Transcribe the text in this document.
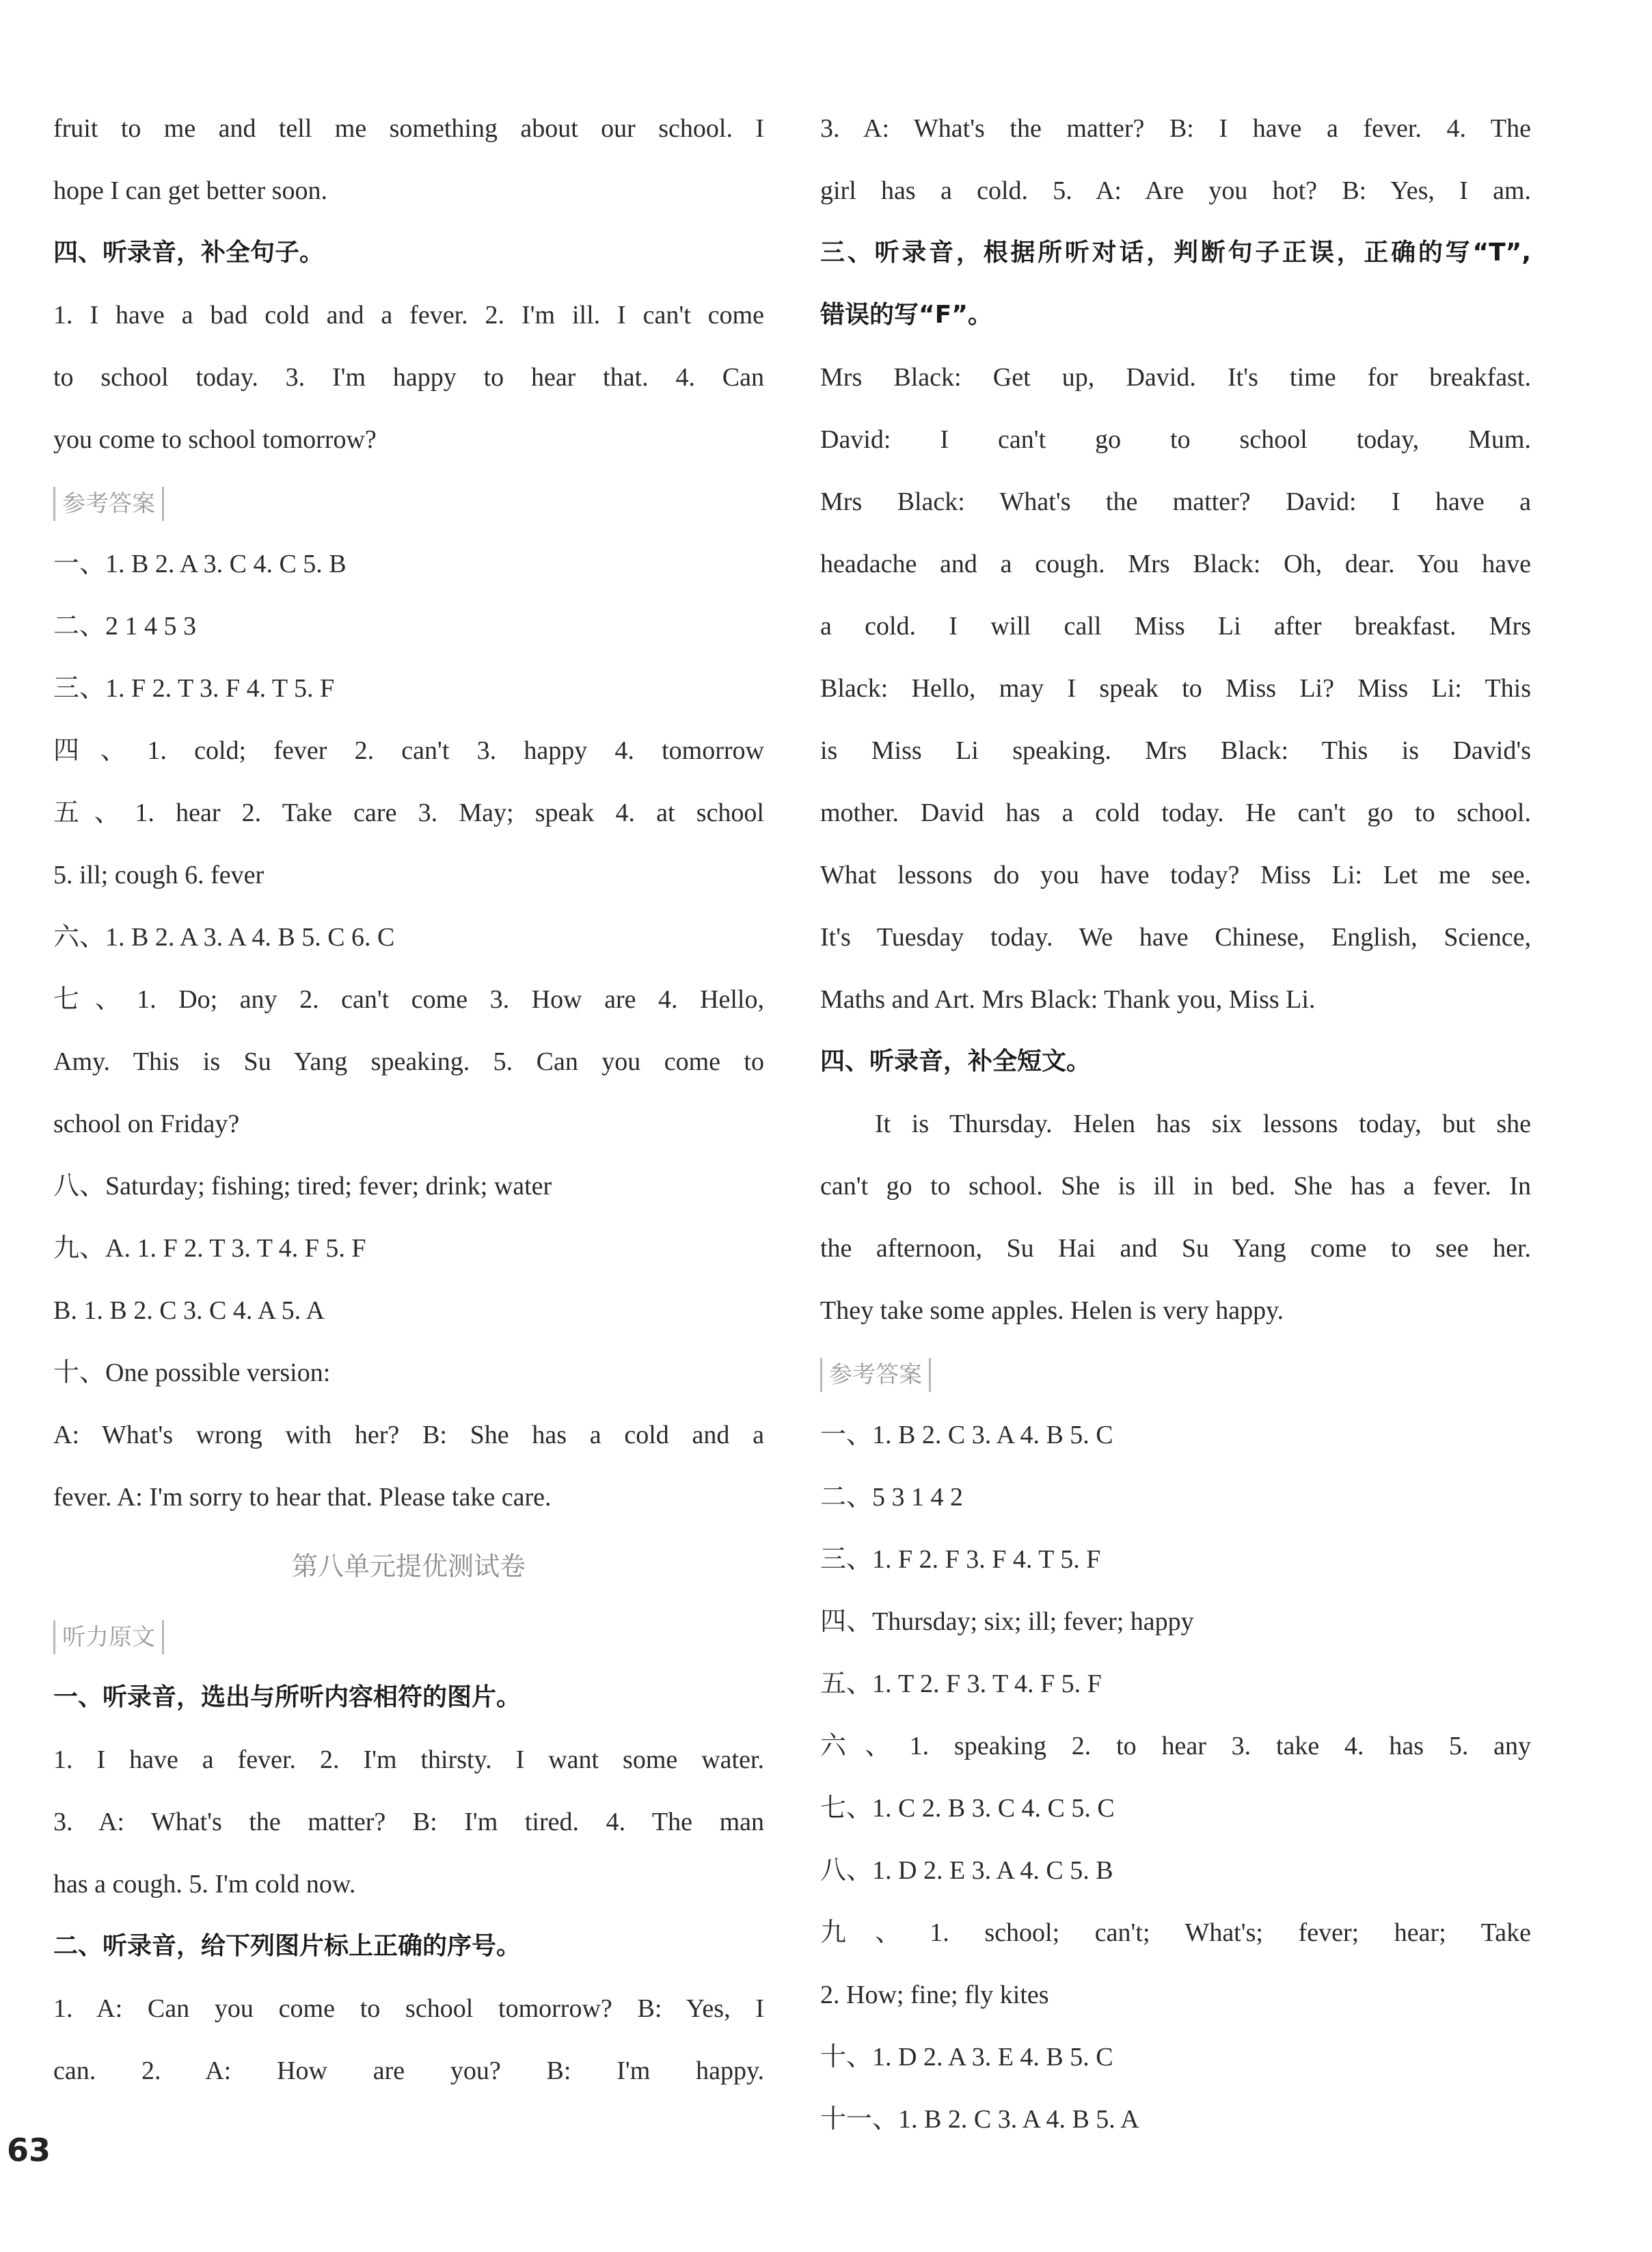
fruit to me and tell me something about our school. I
hope I can get better soon.
四、听录音，补全句子。
1. I have a bad cold and a fever. 2. I'm ill. I can't come
to school today. 3. I'm happy to hear that. 4. Can
you come to school tomorrow?
参考答案
一、1. B 2. A 3. C 4. C 5. B
二、2 1 4 5 3
三、1. F 2. T 3. F 4. T 5. F
四、1. cold; fever 2. can't 3. happy 4. tomorrow
五、1. hear 2. Take care 3. May; speak 4. at school
5. ill; cough 6. fever
六、1. B 2. A 3. A 4. B 5. C 6. C
七、1. Do; any 2. can't come 3. How are 4. Hello,
Amy. This is Su Yang speaking. 5. Can you come to
school on Friday?
八、Saturday; fishing; tired; fever; drink; water
九、A. 1. F 2. T 3. T 4. F 5. F
B. 1. B 2. C 3. C 4. A 5. A
十、One possible version:
A: What's wrong with her? B: She has a cold and a
fever. A: I'm sorry to hear that. Please take care.
第八单元提优测试卷
听力原文
一、听录音，选出与所听内容相符的图片。
1. I have a fever. 2. I'm thirsty. I want some water.
3. A: What's the matter? B: I'm tired. 4. The man
has a cough. 5. I'm cold now.
二、听录音，给下列图片标上正确的序号。
1. A: Can you come to school tomorrow? B: Yes, I
can. 2. A: How are you? B: I'm happy.
3. A: What's the matter? B: I have a fever. 4. The
girl has a cold. 5. A: Are you hot? B: Yes, I am.
三、听录音，根据所听对话，判断句子正误，正确的写“T”,
错误的写“F”。
Mrs Black: Get up, David. It's time for breakfast.
David: I can't go to school today, Mum.
Mrs Black: What's the matter? David: I have a
headache and a cough. Mrs Black: Oh, dear. You have
a cold. I will call Miss Li after breakfast. Mrs
Black: Hello, may I speak to Miss Li? Miss Li: This
is Miss Li speaking. Mrs Black: This is David's
mother. David has a cold today. He can't go to school.
What lessons do you have today? Miss Li: Let me see.
It's Tuesday today. We have Chinese, English, Science,
Maths and Art. Mrs Black: Thank you, Miss Li.
四、听录音，补全短文。
It is Thursday. Helen has six lessons today, but she
can't go to school. She is ill in bed. She has a fever. In
the afternoon, Su Hai and Su Yang come to see her.
They take some apples. Helen is very happy.
参考答案
一、1. B 2. C 3. A 4. B 5. C
二、5 3 1 4 2
三、1. F 2. F 3. F 4. T 5. F
四、Thursday; six; ill; fever; happy
五、1. T 2. F 3. T 4. F 5. F
六、1. speaking 2. to hear 3. take 4. has 5. any
七、1. C 2. B 3. C 4. C 5. C
八、1. D 2. E 3. A 4. C 5. B
九、1. school; can't; What's; fever; hear; Take
2. How; fine; fly kites
十、1. D 2. A 3. E 4. B 5. C
十一、1. B 2. C 3. A 4. B 5. A
63
